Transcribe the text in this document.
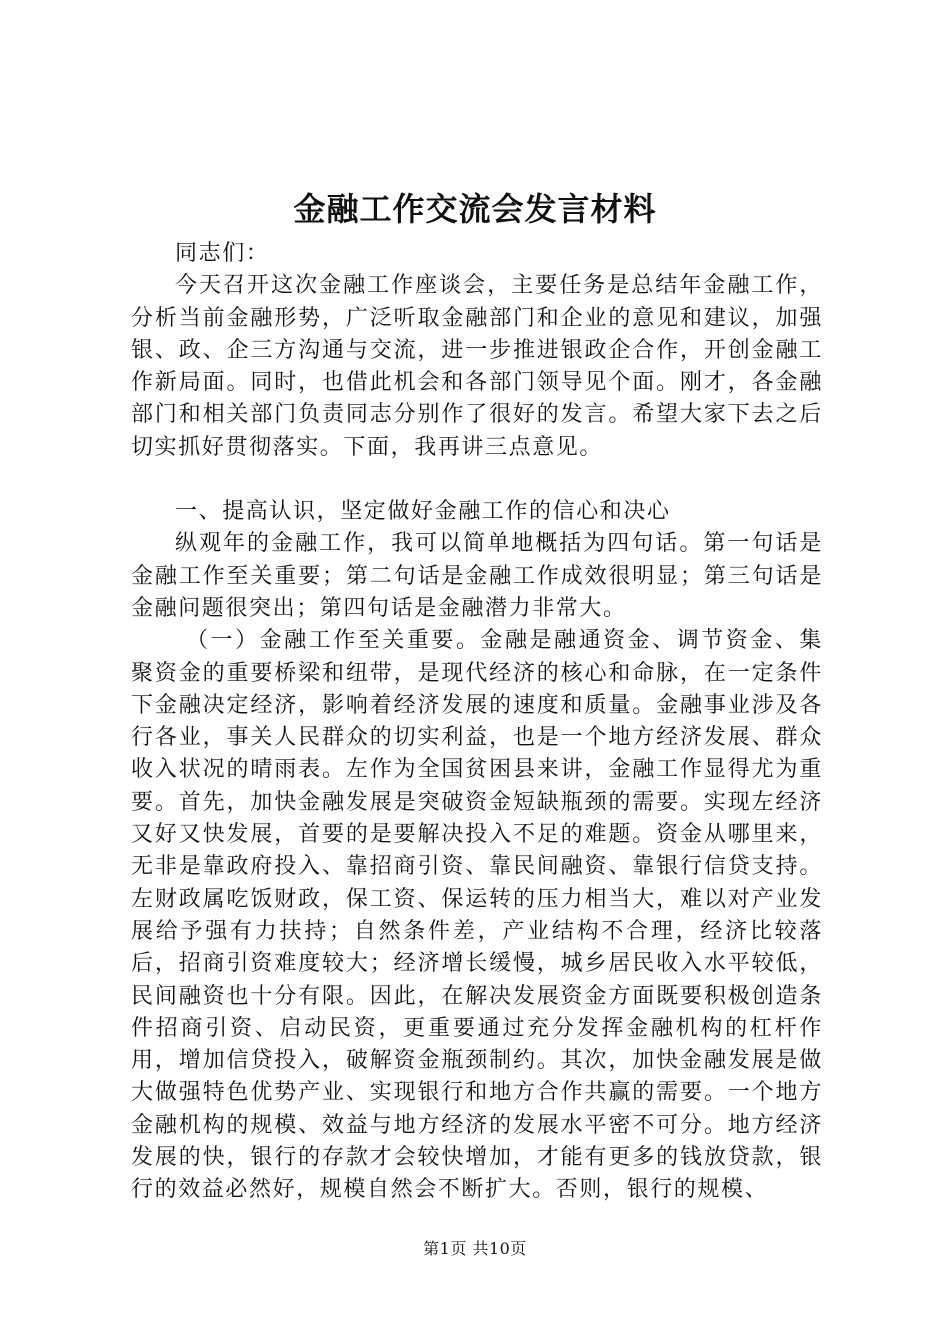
金融工作交流会发言材料

同志们：

今天召开这次金融工作座谈会，主要任务是总结年金融工作，分析当前金融形势，广泛听取金融部门和企业的意见和建议，加强银、政、企三方沟通与交流，进一步推进银政企合作，开创金融工作新局面。同时，也借此机会和各部门领导见个面。刚才，各金融部门和相关部门负责同志分别作了很好的发言。希望大家下去之后切实抓好贯彻落实。下面，我再讲三点意见。

一、提高认识，坚定做好金融工作的信心和决心

纵观年的金融工作，我可以简单地概括为四句话。第一句话是金融工作至关重要；第二句话是金融工作成效很明显；第三句话是金融问题很突出；第四句话是金融潜力非常大。

（一）金融工作至关重要。金融是融通资金、调节资金、集聚资金的重要桥梁和纽带，是现代经济的核心和命脉，在一定条件下金融决定经济，影响着经济发展的速度和质量。金融事业涉及各行各业，事关人民群众的切实利益，也是一个地方经济发展、群众收入状况的晴雨表。左作为全国贫困县来讲，金融工作显得尤为重要。首先，加快金融发展是突破资金短缺瓶颈的需要。实现左经济又好又快发展，首要的是要解决投入不足的难题。资金从哪里来，无非是靠政府投入、靠招商引资、靠民间融资、靠银行信贷支持。左财政属吃饭财政，保工资、保运转的压力相当大，难以对产业发展给予强有力扶持；自然条件差，产业结构不合理，经济比较落后，招商引资难度较大；经济增长缓慢，城乡居民收入水平较低，民间融资也十分有限。因此，在解决发展资金方面既要积极创造条件招商引资、启动民资，更重要通过充分发挥金融机构的杠杆作用，增加信贷投入，破解资金瓶颈制约。其次，加快金融发展是做大做强特色优势产业、实现银行和地方合作共赢的需要。一个地方金融机构的规模、效益与地方经济的发展水平密不可分。地方经济发展的快，银行的存款才会较快增加，才能有更多的钱放贷款，银行的效益必然好，规模自然会不断扩大。否则，银行的规模、

第1页 共10页
